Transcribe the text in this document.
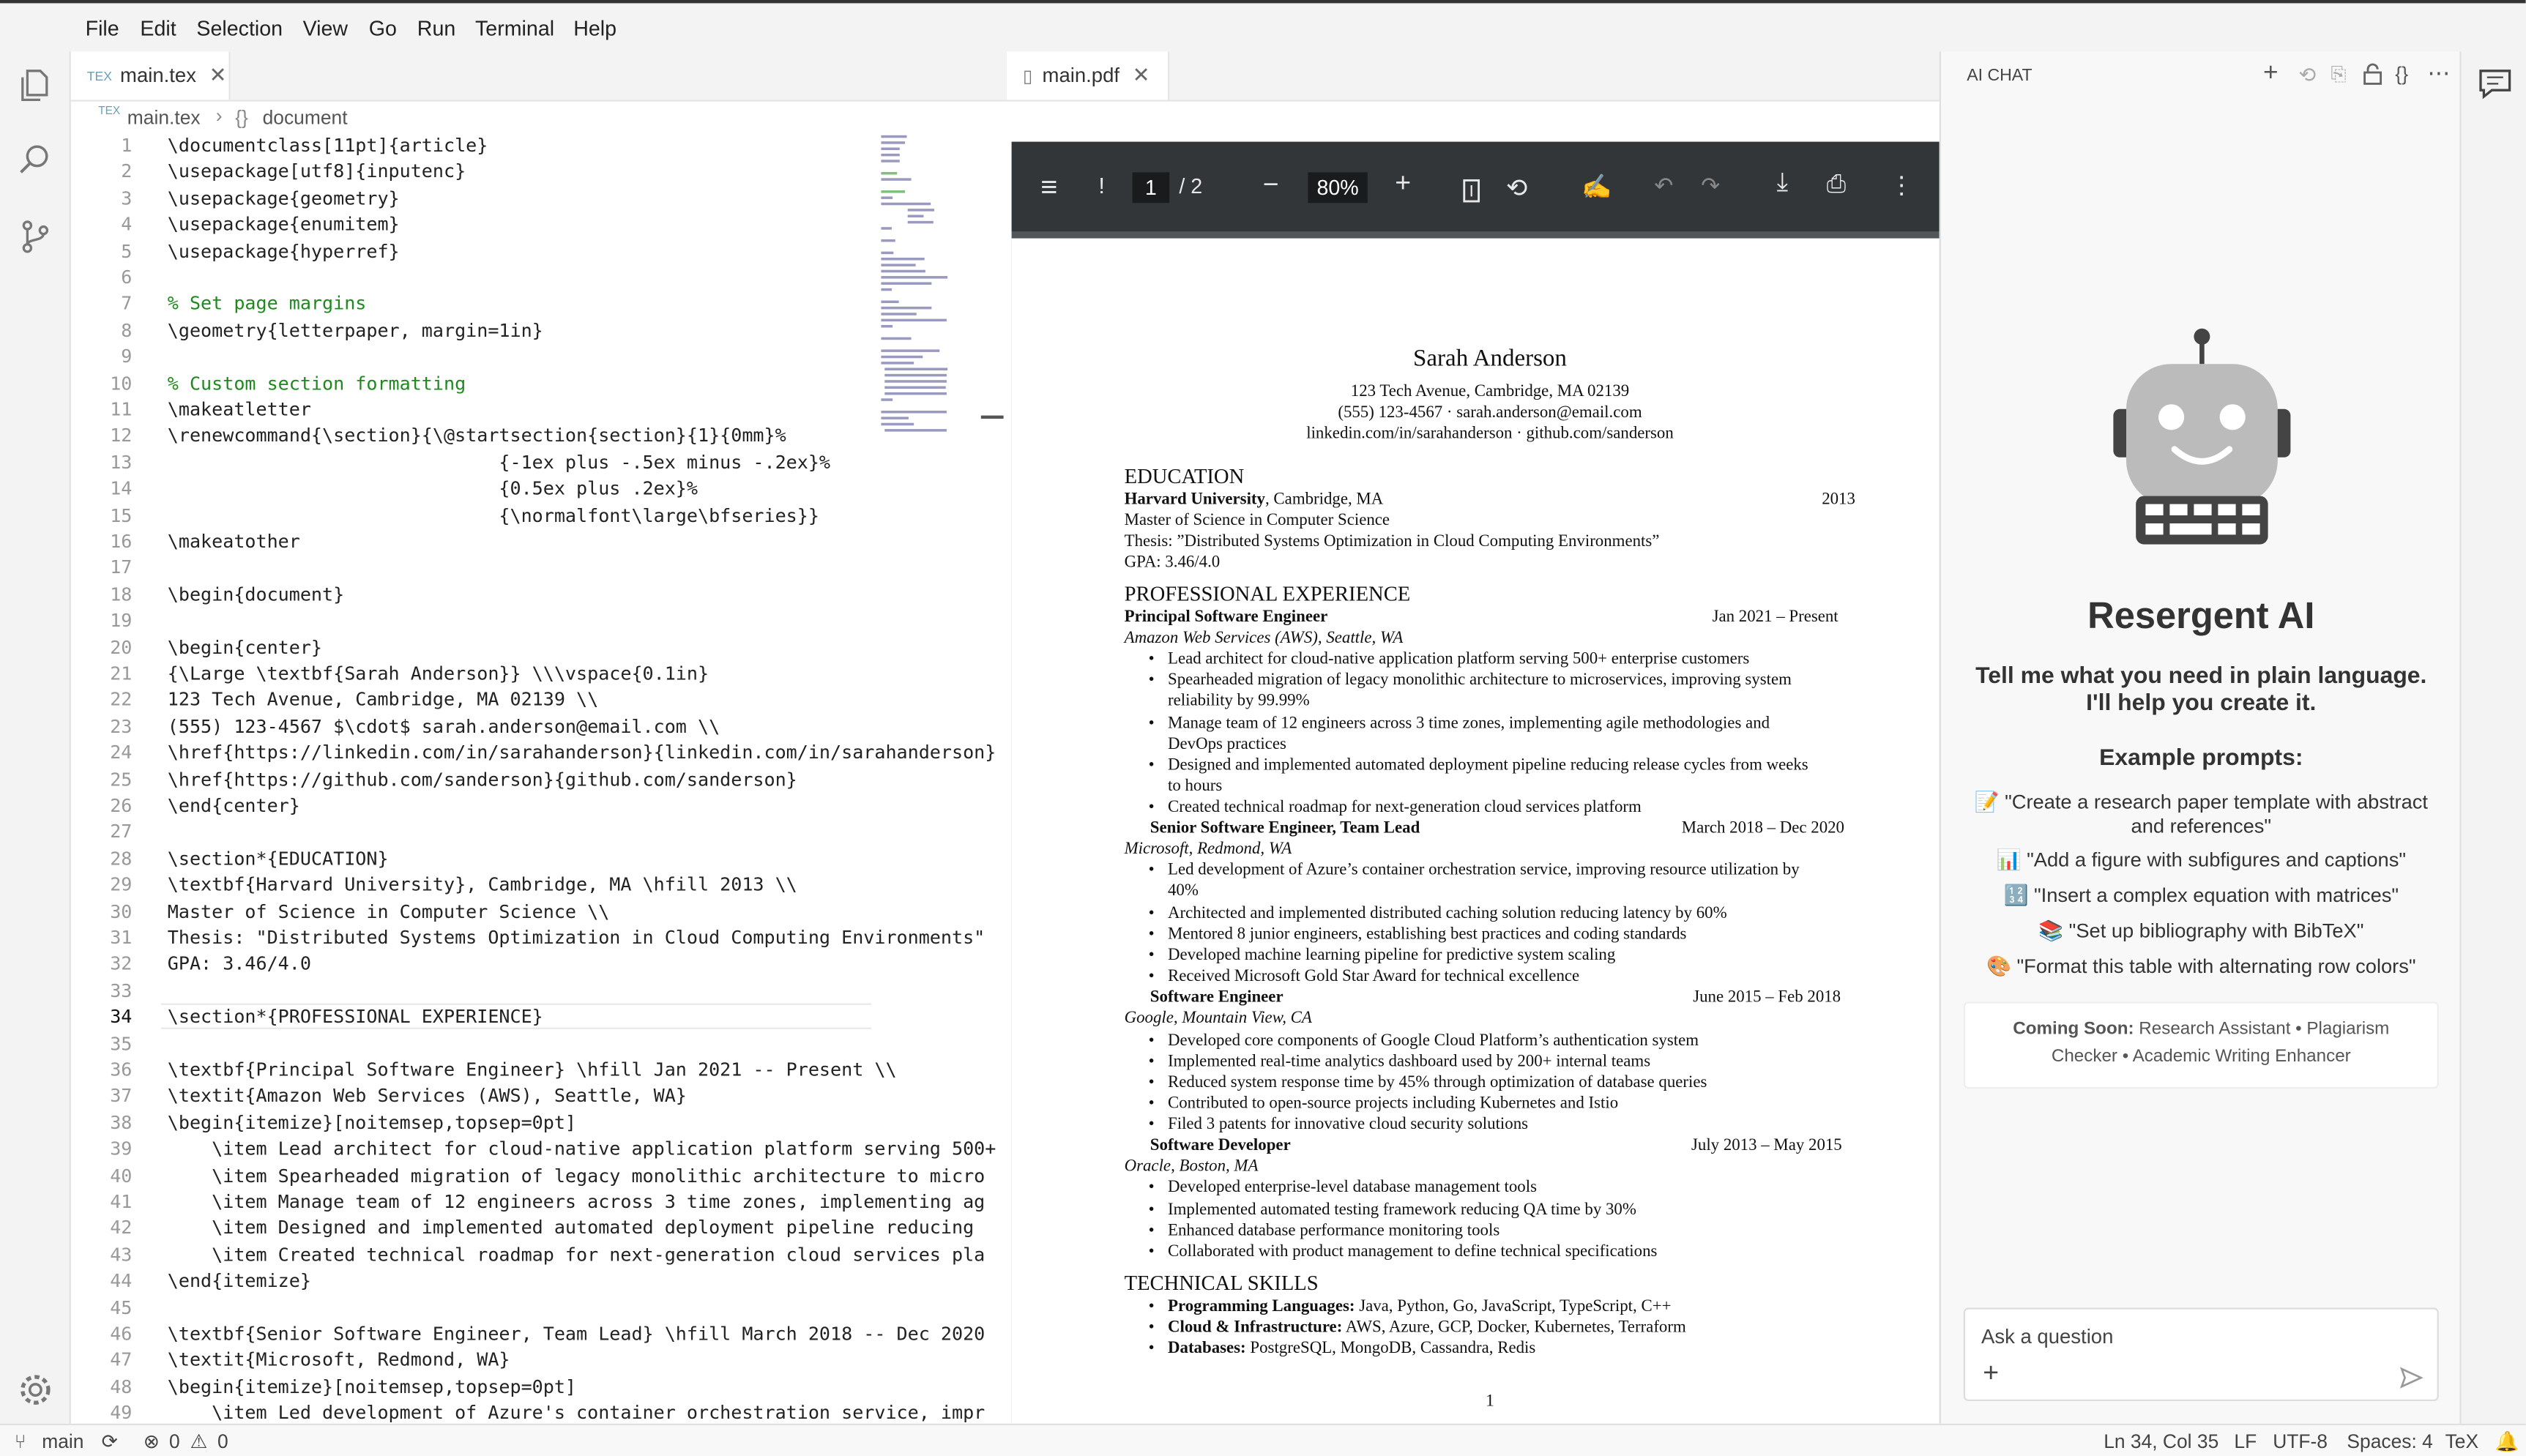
File Edit Selection View Go Run Terminal Help
TEX main.tex ✕
TEX main.tex › {} document
1	\documentclass[11pt]{article}
2	\usepackage[utf8]{inputenc}
3	\usepackage{geometry}
4	\usepackage{enumitem}
5	\usepackage{hyperref}
6
7	% Set page margins
8	\geometry{letterpaper, margin=1in}
9
10	% Custom section formatting
11	\makeatletter
12	\renewcommand{\section}{\@startsection{section}{1}{0mm}%
13	{-1ex plus -.5ex minus -.2ex}%
14	{0.5ex plus .2ex}%
15	{\normalfont\large\bfseries}}
16	\makeatother
17
18	\begin{document}
19
20	\begin{center}
21	{\Large \textbf{Sarah Anderson}} \\\vspace{0.1in}
22	123 Tech Avenue, Cambridge, MA 02139 \\
23	(555) 123-4567 $\cdot$ sarah.anderson@email.com \\
24	\href{https://linkedin.com/in/sarahanderson}{linkedin.com/in/sarahanderson}
25	\href{https://github.com/sanderson}{github.com/sanderson}
26	\end{center}
27
28	\section*{EDUCATION}
29	\textbf{Harvard University}, Cambridge, MA \hfill 2013 \\
30	Master of Science in Computer Science \\
31	Thesis: "Distributed Systems Optimization in Cloud Computing Environments"
32	GPA: 3.46/4.0
33
34	\section*{PROFESSIONAL EXPERIENCE}
35
36	\textbf{Principal Software Engineer} \hfill Jan 2021 -- Present \\
37	\textit{Amazon Web Services (AWS), Seattle, WA}
38	\begin{itemize}[noitemsep,topsep=0pt]
39	\item Lead architect for cloud-native application platform serving 500+
40	\item Spearheaded migration of legacy monolithic architecture to micro
41	\item Manage team of 12 engineers across 3 time zones, implementing ag
42	\item Designed and implemented automated deployment pipeline reducing
43	\item Created technical roadmap for next-generation cloud services pla
44	\end{itemize}
45
46	\textbf{Senior Software Engineer, Team Lead} \hfill March 2018 -- Dec 2020
47	\textit{Microsoft, Redmond, WA}
48	\begin{itemize}[noitemsep,topsep=0pt]
49	\item Led development of Azure's container orchestration service, impr
▯ main.pdf ✕
≡	!	1	/ 2	−	80%	+	⟲	✍	↶	↷	⤓	⎙	⋮
Sarah Anderson
123 Tech Avenue, Cambridge, MA 02139
(555) 123-4567 · sarah.anderson@email.com
linkedin.com/in/sarahanderson · github.com/sanderson
EDUCATION
Harvard University, Cambridge, MA	2013
Master of Science in Computer Science
Thesis: ”Distributed Systems Optimization in Cloud Computing Environments”
GPA: 3.46/4.0
PROFESSIONAL EXPERIENCE
Principal Software Engineer	Jan 2021 – Present
Amazon Web Services (AWS), Seattle, WA
• Lead architect for cloud-native application platform serving 500+ enterprise customers
• Spearheaded migration of legacy monolithic architecture to microservices, improving system
reliability by 99.99%
• Manage team of 12 engineers across 3 time zones, implementing agile methodologies and
DevOps practices
• Designed and implemented automated deployment pipeline reducing release cycles from weeks
to hours
• Created technical roadmap for next-generation cloud services platform
Senior Software Engineer, Team Lead	March 2018 – Dec 2020
Microsoft, Redmond, WA
• Led development of Azure’s container orchestration service, improving resource utilization by
40%
• Architected and implemented distributed caching solution reducing latency by 60%
• Mentored 8 junior engineers, establishing best practices and coding standards
• Developed machine learning pipeline for predictive system scaling
• Received Microsoft Gold Star Award for technical excellence
Software Engineer	June 2015 – Feb 2018
Google, Mountain View, CA
• Developed core components of Google Cloud Platform’s authentication system
• Implemented real-time analytics dashboard used by 200+ internal teams
• Reduced system response time by 45% through optimization of database queries
• Contributed to open-source projects including Kubernetes and Istio
• Filed 3 patents for innovative cloud security solutions
Software Developer	July 2013 – May 2015
Oracle, Boston, MA
• Developed enterprise-level database management tools
• Implemented automated testing framework reducing QA time by 30%
• Enhanced database performance monitoring tools
• Collaborated with product management to define technical specifications
TECHNICAL SKILLS
• Programming Languages: Java, Python, Go, JavaScript, TypeScript, C++
• Cloud & Infrastructure: AWS, Azure, GCP, Docker, Kubernetes, Terraform
• Databases: PostgreSQL, MongoDB, Cassandra, Redis
1
AI CHAT	+ ⟲ ⎘	{} ⋯
Resergent AI
Tell me what you need in plain language.
I'll help you create it.
Example prompts:
📝 "Create a research paper template with abstract
and references"
📊 "Add a figure with subfigures and captions"
🔢 "Insert a complex equation with matrices"
📚 "Set up bibliography with BibTeX"
🎨 "Format this table with alternating row colors"
Coming Soon: Research Assistant • Plagiarism
Checker • Academic Writing Enhancer
Ask a question
+
⑂ main ⟳	⊗ 0 ⚠ 0	Ln 34, Col 35 LF UTF-8 Spaces: 4 TeX 🔔
